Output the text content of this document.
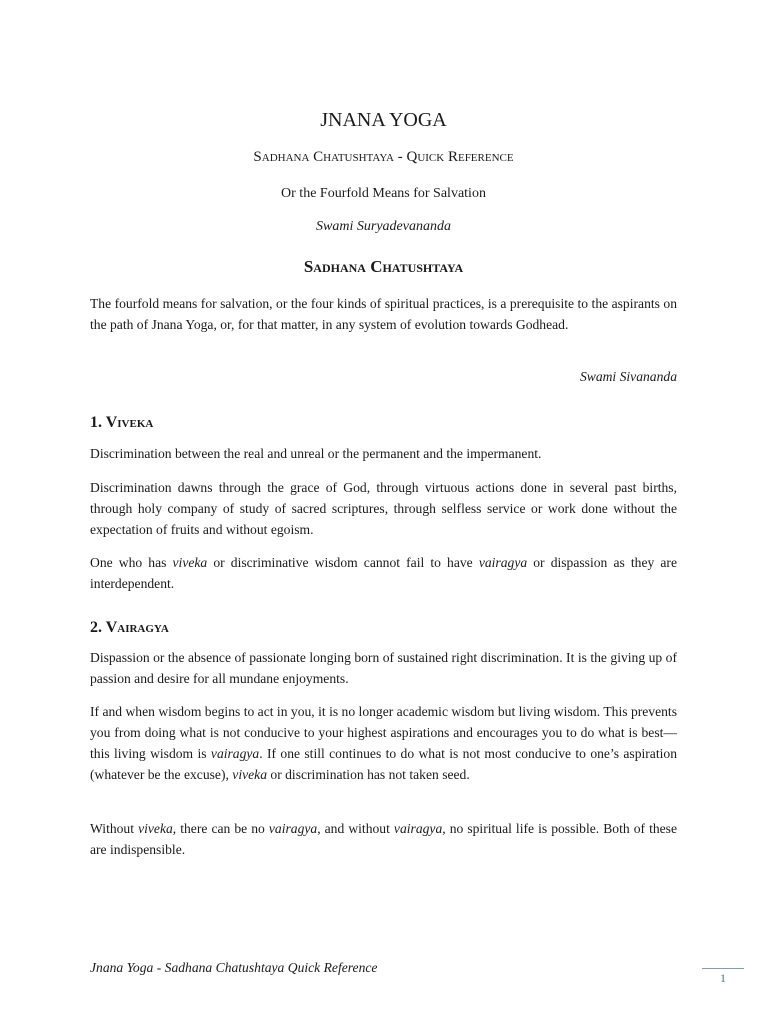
JNANA YOGA
Sadhana Chatushtaya - Quick Reference
Or the Fourfold Means for Salvation
Swami Suryadevananda
Sadhana Chatushtaya

The fourfold means for salvation, or the four kinds of spiritual practices, is a prerequisite to the aspirants on the path of Jnana Yoga, or, for that matter, in any system of evolution towards Godhead.

Swami Sivananda
1. Viveka

Discrimination between the real and unreal or the permanent and the impermanent.

Discrimination dawns through the grace of God, through virtuous actions done in several past births, through holy company of study of sacred scriptures, through selfless service or work done without the expectation of fruits and without egoism.

One who has viveka or discriminative wisdom cannot fail to have vairagya or dispassion as they are interdependent.

2. Vairagya

Dispassion or the absence of passionate longing born of sustained right discrimination. It is the giving up of passion and desire for all mundane enjoyments.

If and when wisdom begins to act in you, it is no longer academic wisdom but living wisdom. This prevents you from doing what is not conducive to your highest aspirations and encourages you to do what is best—this living wisdom is vairagya. If one still continues to do what is not most conducive to one’s aspiration (whatever be the excuse), viveka or discrimination has not taken seed.

Without viveka, there can be no vairagya, and without vairagya, no spiritual life is possible. Both of these are indispensible.

Jnana Yoga - Sadhana Chatushtaya Quick Reference
1
